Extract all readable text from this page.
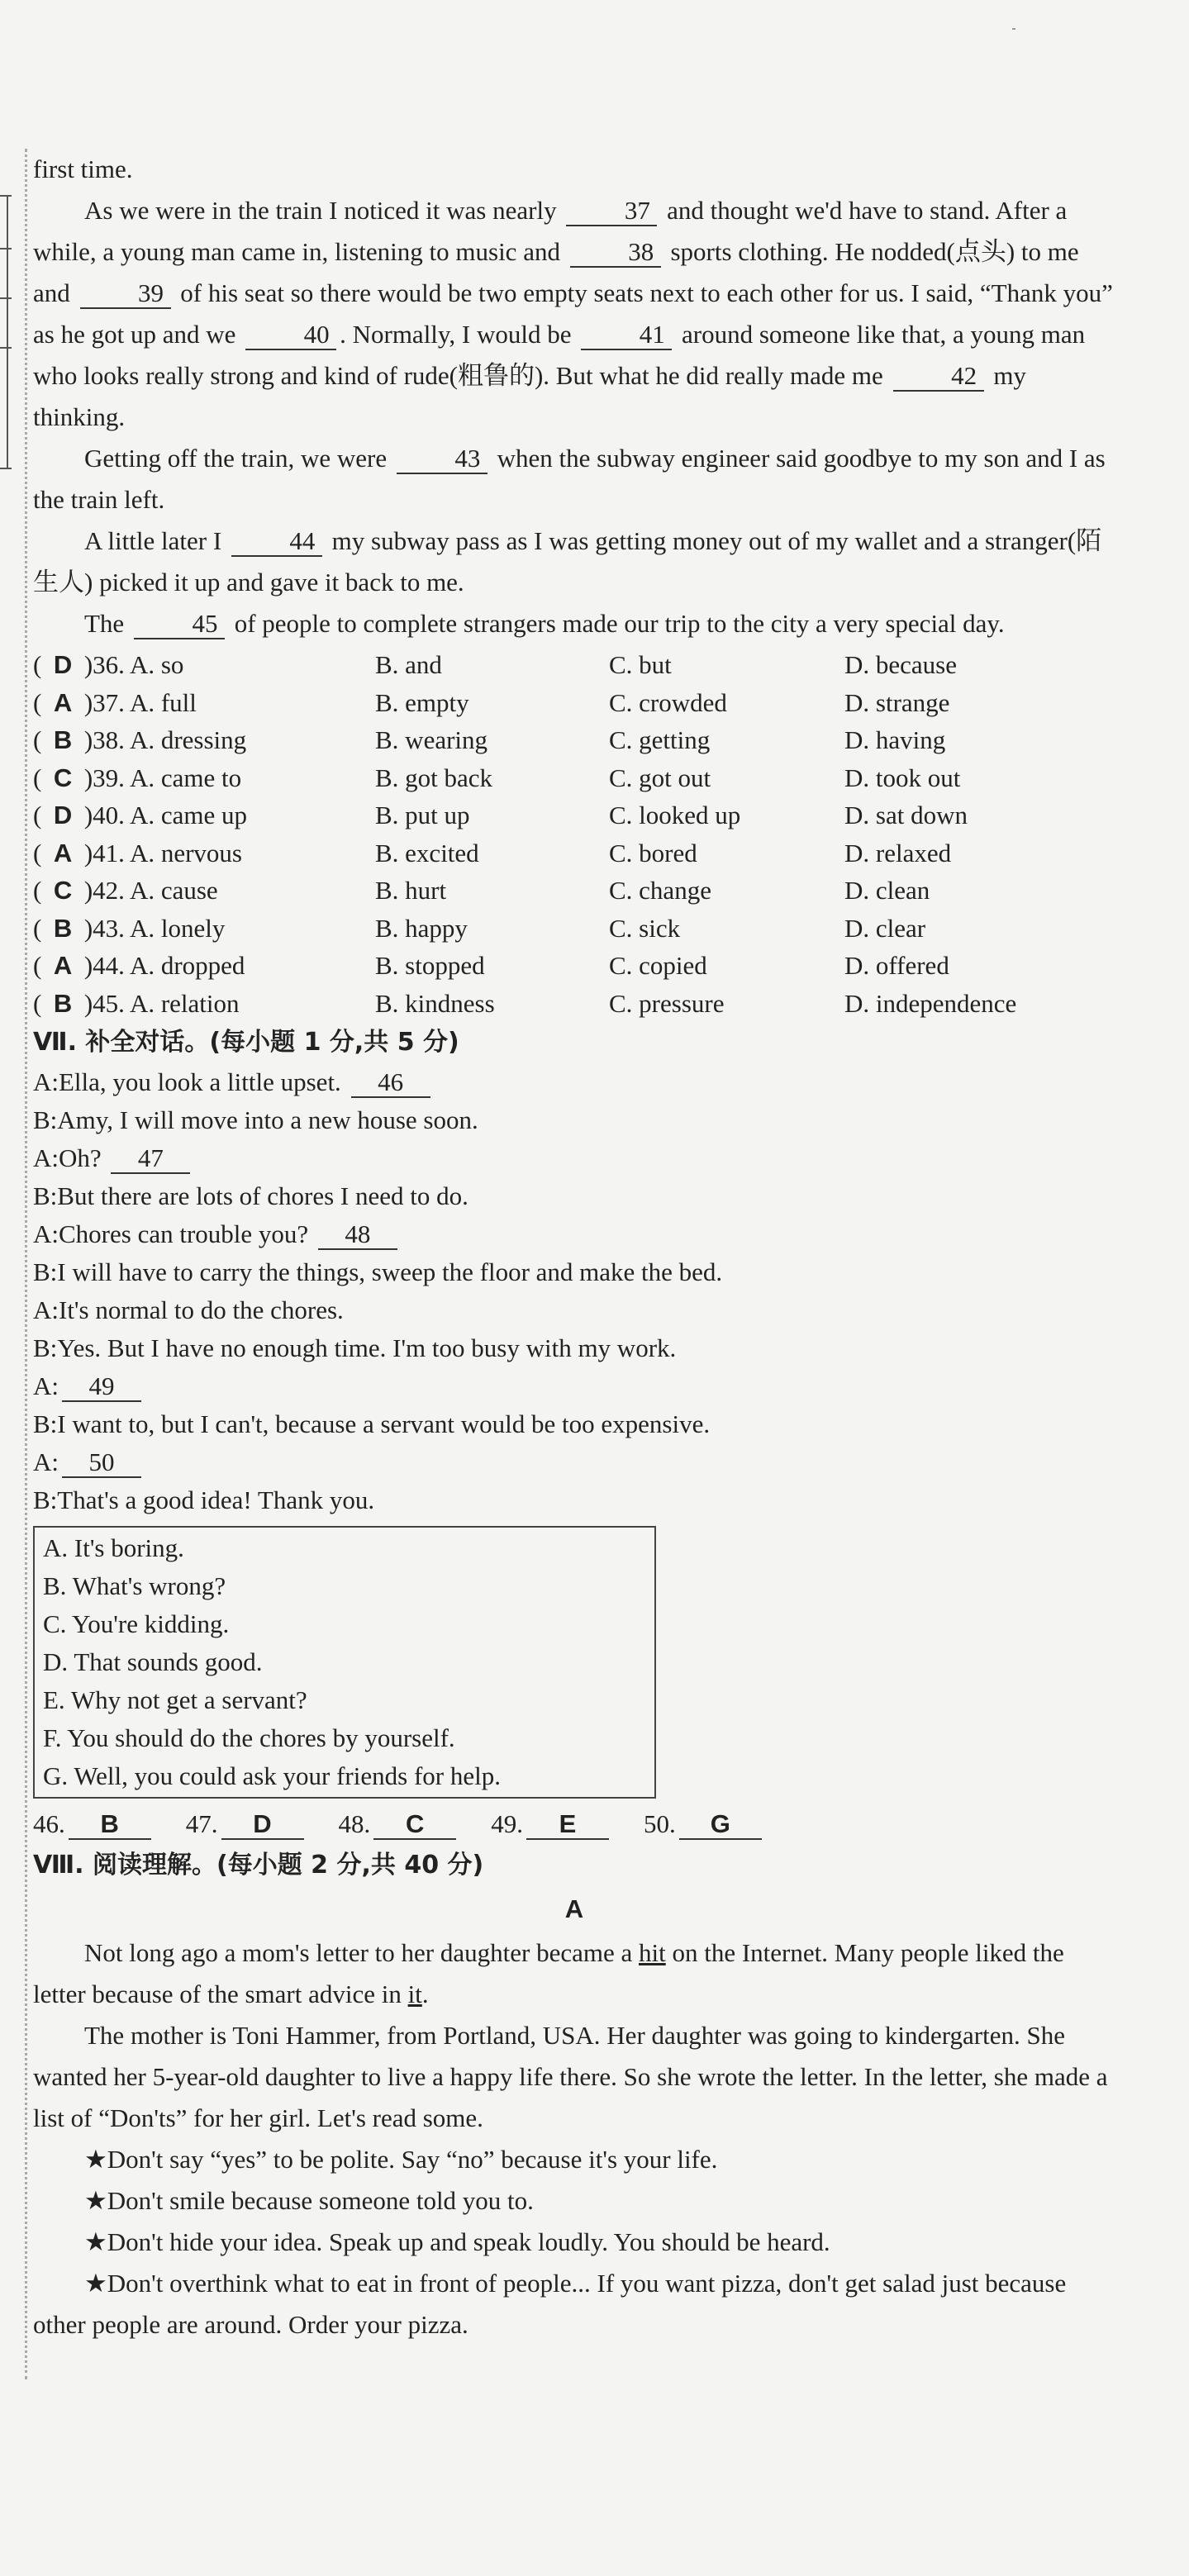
first time.

As we were in the train I noticed it was nearly 37 and thought we'd have to stand. After a while, a young man came in, listening to music and 38 sports clothing. He nodded(点头) to me and 39 of his seat so there would be two empty seats next to each other for us. I said, “Thank you” as he got up and we 40 . Normally, I would be 41 around someone like that, a young man who looks really strong and kind of rude(粗鲁的). But what he did really made me 42 my thinking.

Getting off the train, we were 43 when the subway engineer said goodbye to my son and I as the train left.

A little later I 44 my subway pass as I was getting money out of my wallet and a stranger(陌生人) picked it up and gave it back to me.

The 45 of people to complete strangers made our trip to the city a very special day.

( D )36. A. so	B. and	C. but	D. because
( A )37. A. full	B. empty	C. crowded	D. strange
( B )38. A. dressing	B. wearing	C. getting	D. having
( C )39. A. came to	B. got back	C. got out	D. took out
( D )40. A. came up	B. put up	C. looked up	D. sat down
( A )41. A. nervous	B. excited	C. bored	D. relaxed
( C )42. A. cause	B. hurt	C. change	D. clean
( B )43. A. lonely	B. happy	C. sick	D. clear
( A )44. A. dropped	B. stopped	C. copied	D. offered
( B )45. A. relation	B. kindness	C. pressure	D. independence

Ⅶ. 补全对话。(每小题 1 分,共 5 分)

A:Ella, you look a little upset. 46

B:Amy, I will move into a new house soon.

A:Oh? 47

B:But there are lots of chores I need to do.

A:Chores can trouble you? 48

B:I will have to carry the things, sweep the floor and make the bed.

A:It's normal to do the chores.

B:Yes. But I have no enough time. I'm too busy with my work.

A: 49

B:I want to, but I can't, because a servant would be too expensive.

A: 50

B:That's a good idea! Thank you.

A. It's boring.
B. What's wrong?
C. You're kidding.
D. That sounds good.
E. Why not get a servant?
F. You should do the chores by yourself.
G. Well, you could ask your friends for help.
46. B	47. D	48. C	49. E	50. G

Ⅷ. 阅读理解。(每小题 2 分,共 40 分)

A

Not long ago a mom's letter to her daughter became a hit on the Internet. Many people liked the letter because of the smart advice in it.

The mother is Toni Hammer, from Portland, USA. Her daughter was going to kindergarten. She wanted her 5-year-old daughter to live a happy life there. So she wrote the letter. In the letter, she made a list of “Don'ts” for her girl. Let's read some.

★Don't say “yes” to be polite. Say “no” because it's your life.

★Don't smile because someone told you to.

★Don't hide your idea. Speak up and speak loudly. You should be heard.

★Don't overthink what to eat in front of people... If you want pizza, don't get salad just because other people are around. Order your pizza.
